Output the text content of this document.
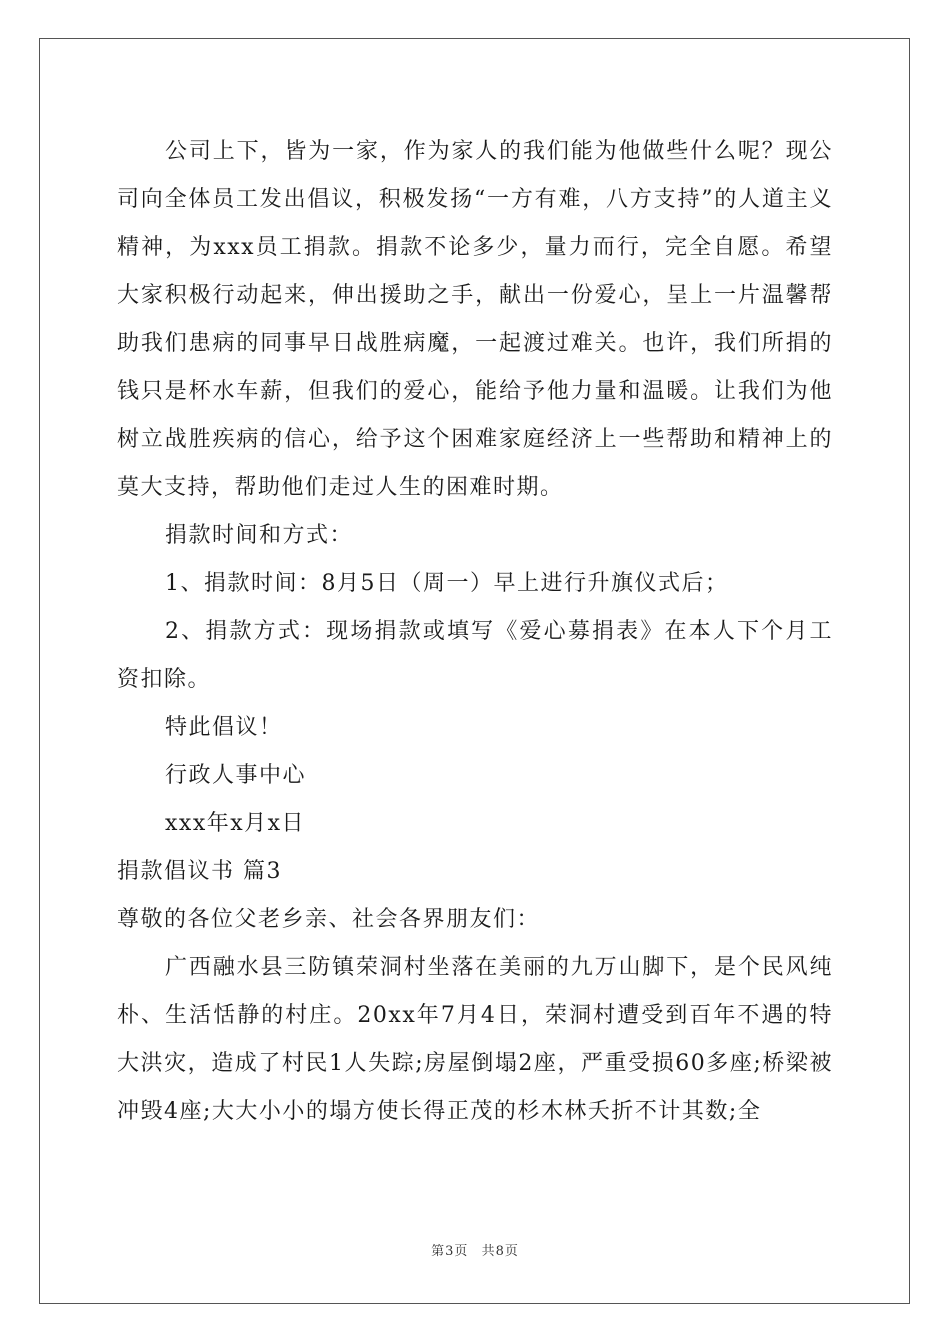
公司上下，皆为一家，作为家人的我们能为他做些什么呢？现公司向全体员工发出倡议，积极发扬“一方有难，八方支持”的人道主义精神，为xxx员工捐款。捐款不论多少，量力而行，完全自愿。希望大家积极行动起来，伸出援助之手，献出一份爱心，呈上一片温馨帮助我们患病的同事早日战胜病魔，一起渡过难关。也许，我们所捐的钱只是杯水车薪，但我们的爱心，能给予他力量和温暖。让我们为他树立战胜疾病的信心，给予这个困难家庭经济上一些帮助和精神上的莫大支持，帮助他们走过人生的困难时期。

捐款时间和方式：

1、捐款时间：8月5日（周一）早上进行升旗仪式后；

2、捐款方式：现场捐款或填写《爱心募捐表》在本人下个月工资扣除。

特此倡议！

行政人事中心

xxx年x月x日

捐款倡议书 篇3

尊敬的各位父老乡亲、社会各界朋友们：

广西融水县三防镇荣洞村坐落在美丽的九万山脚下，是个民风纯朴、生活恬静的村庄。20xx年7月4日，荣洞村遭受到百年不遇的特大洪灾，造成了村民1人失踪;房屋倒塌2座，严重受损60多座;桥梁被冲毁4座;大大小小的塌方使长得正茂的杉木林夭折不计其数;全

第3页 共8页
